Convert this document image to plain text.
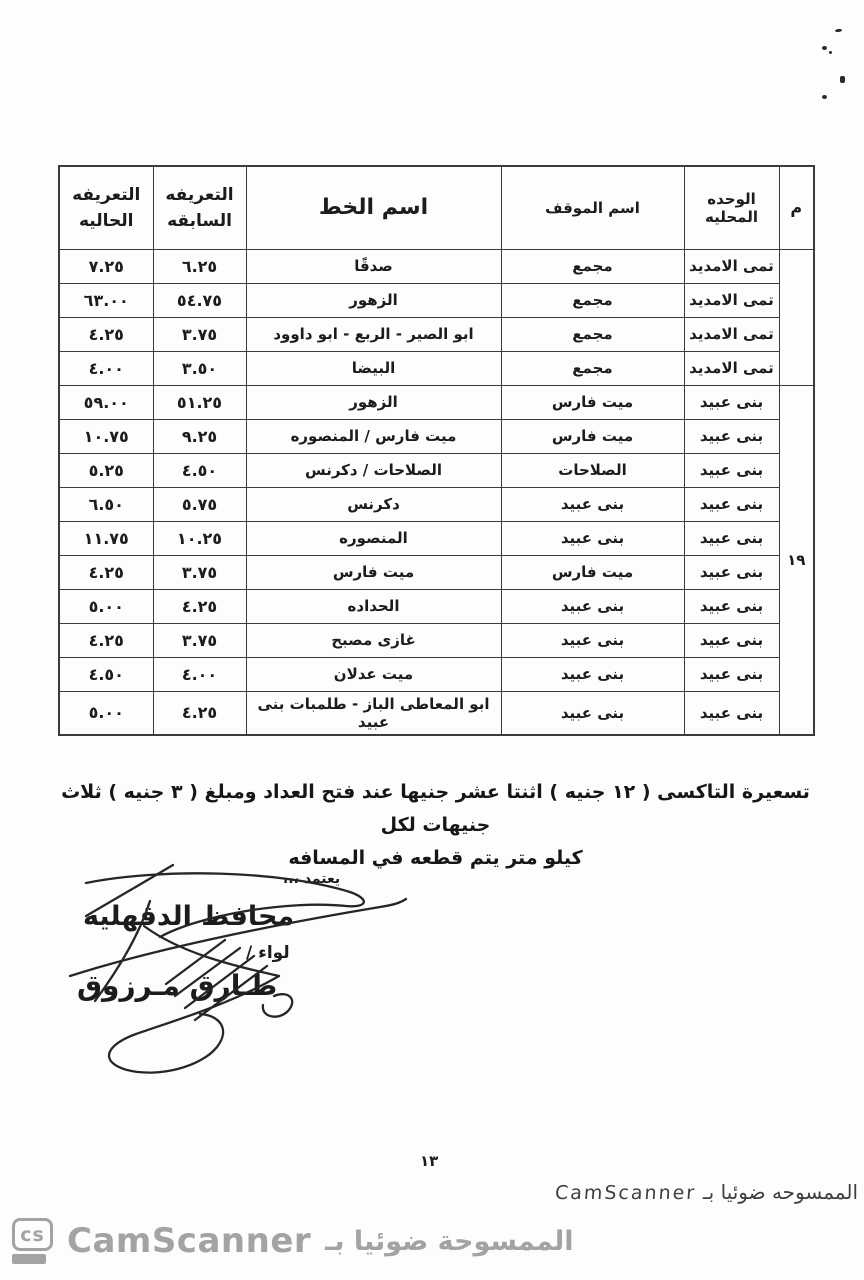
م	الوحده المحليه	اسم الموقف	اسم الخط	التعريفه السابقه	التعريفه الحاليه
	تمى الامديد	مجمع	صدقًا	٦.٢٥	٧.٢٥
	تمى الامديد	مجمع	الزهور	٥٤.٧٥	٦٣.٠٠
	تمى الامديد	مجمع	ابو الصير - الربع - ابو داوود	٣.٧٥	٤.٢٥
	تمى الامديد	مجمع	البيضا	٣.٥٠	٤.٠٠
١٩	بنى عبيد	ميت فارس	الزهور	٥١.٢٥	٥٩.٠٠
	بنى عبيد	ميت فارس	ميت فارس / المنصوره	٩.٢٥	١٠.٧٥
	بنى عبيد	الصلاحات	الصلاحات / دكرنس	٤.٥٠	٥.٢٥
	بنى عبيد	بنى عبيد	دكرنس	٥.٧٥	٦.٥٠
	بنى عبيد	بنى عبيد	المنصوره	١٠.٢٥	١١.٧٥
	بنى عبيد	ميت فارس	ميت فارس	٣.٧٥	٤.٢٥
	بنى عبيد	بنى عبيد	الحداده	٤.٢٥	٥.٠٠
	بنى عبيد	بنى عبيد	غازى مصبح	٣.٧٥	٤.٢٥
	بنى عبيد	بنى عبيد	ميت عدلان	٤.٠٠	٤.٥٠
	بنى عبيد	بنى عبيد	ابو المعاطى الباز - طلمبات بنى عبيد	٤.٢٥	٥.٠٠
تسعيرة التاكسى ( ١٢ جنيه ) اثنتا عشر جنيها عند فتح العداد ومبلغ ( ٣ جنيه ) ثلاث جنيهات لكل
كيلو متر يتم قطعه في المسافه
يعتمد ،،،
محافظ الدقهليه
لواء /
طـارق مـرزوق
١٣
الممسوحه ضوئيا بـ CamScanner
cs CamScanner الممسوحة ضوئيا بـ
